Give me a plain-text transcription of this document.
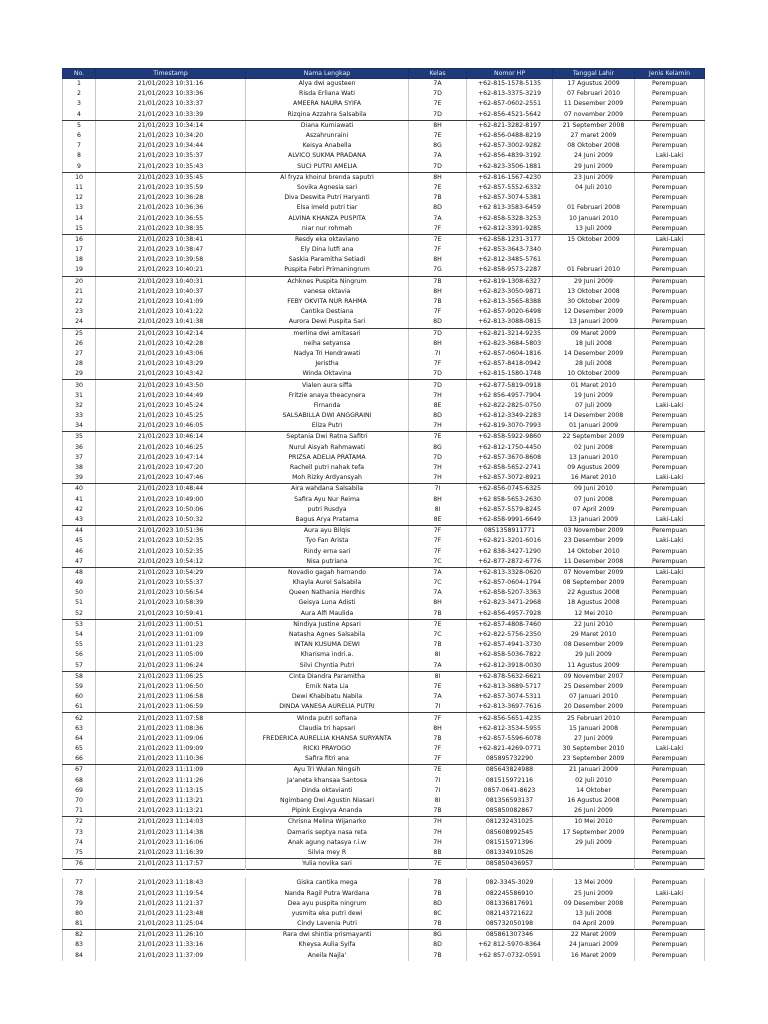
No.	Timestamp	Nama Lengkap	Kelas	Nomor HP	Tanggal Lahir	Jenis Kelamin
1	21/01/2023 10:31:16	Alya dwi agusteen	7A	+62-815-1578-5135	17 Agustus 2009	Perempuan
2	21/01/2023 10:33:36	Risda Erliana Wati	7D	+62-813-3375-3219	07 Februari 2010	Perempuan
3	21/01/2023 10:33:37	AMEERA NAURA SYIFA	7E	+62-857-0602-2551	11 Desember 2009	Perempuan
4	21/01/2023 10:33:39	Rizqina Azzahra Salsabila	7D	+62-856-4521-5642	07 november 2009	Perempuan
5	21/01/2023 10:34:14	Diana Kurniawati	8H	+62-821-3282-8197	21 September 2008	Perempuan
6	21/01/2023 10:34:20	Aszahrunraini	7E	+62-856-0488-8219	27 maret 2009	Perempuan
7	21/01/2023 10:34:44	Keisya Anabella	8G	+62-857-3002-9282	08 Oktober 2008	Perempuan
8	21/01/2023 10:35:37	ALVICO SUKMA PRADANA	7A	+62-856-4839-3192	24 Juni 2009	Laki-Laki
9	21/01/2023 10:35:43	SUCI PUTRI AMELIA	7D	+62-823-3506-1881	29 Juni 2009	Perempuan
10	21/01/2023 10:35:45	Al fryza khoirul brenda saputri	8H	+62-816-1567-4230	23 Juni 2009	Perempuan
11	21/01/2023 10:35:59	Sovika Agnesia sari	7E	+62-857-5552-6332	04 Juli 2010	Perempuan
12	21/01/2023 10:36:28	Diva Deswita Putri Haryanti	7B	+62-857-3074-5381		Perempuan
13	21/01/2023 10:36:36	Elsa imeld putri tiar	8D	+62 813-3583-6459	01 Februari 2008	Perempuan
14	21/01/2023 10:36:55	ALVINA KHANZA PUSPITA	7A	+62-858-5328-3253	10 Januari 2010	Perempuan
15	21/01/2023 10:38:35	niar nur rohmah	7F	+62-812-3391-9285	13 Juli 2009	Perempuan
16	21/01/2023 10:38:41	Resdy eka oktaviano	7E	+62-858-1231-3177	15 Oktober 2009	Laki-Laki
17	21/01/2023 10:38:47	Ely Dina lutfi ana	7F	+62-853-3643-7340		Perempuan
18	21/01/2023 10:39:58	Saskia Paramitha Setiadi	8H	+62-812-3485-5761		Perempuan
19	21/01/2023 10:40:21	Puspita Febri Primaningrum	7G	+62-858-9573-2287	01 Februari 2010	Perempuan
20	21/01/2023 10:40:31	Achknes Puspita Ningrum	7B	+62-819-1308-6327	29 Juni 2009	Perempuan
21	21/01/2023 10:40:37	vanesa oktavia	8H	+62-823-3050-9871	13 Oktober 2008	Perempuan
22	21/01/2023 10:41:09	FEBY OKVITA NUR RAHMA	7B	+62-813-3565-8388	30 Oktober 2009	Perempuan
23	21/01/2023 10:41:22	Cantika Destiana	7F	+62-857-9020-6498	12 Desember 2009	Perempuan
24	21/01/2023 10:41:38	Aurora Dewi Puspita Sari	8D	+62-813-3088-0815	13 Januari 2009	Perempuan
25	21/01/2023 10:42:14	merlina dwi amitasari	7D	+62-821-3214-9235	09 Maret 2009	Perempuan
26	21/01/2023 10:42:28	neiha setyansa	8H	+62-823-3684-5803	18 Juli 2008	Perempuan
27	21/01/2023 10:43:06	Nadya Tri Hendrawati	7I	+62-857-0604-1816	14 Desember 2009	Perempuan
28	21/01/2023 10:43:29	Jeristha	7F	+62-857-8418-0942	28 Juli 2008	Perempuan
29	21/01/2023 10:43:42	Winda Oktavina	7D	+62-815-1580-1748	10 Oktober 2009	Perempuan
30	21/01/2023 10:43:50	Vialen aura siffa	7D	+62-877-5819-0918	01 Maret 2010	Perempuan
31	21/01/2023 10:44:49	Fritzie anaya theacynera	7H	+62 856-4957-7904	19 Juni 2009	Perempuan
32	21/01/2023 10:45:24	Firnanda	8E	+62-822-2825-0750	07 Juli 2009	Laki-Laki
33	21/01/2023 10:45:25	SALSABILLA DWI ANGGRAINI	8D	+62-812-3349-2283	14 Desember 2008	Perempuan
34	21/01/2023 10:46:05	Eliza Putri	7H	+62-819-3070-7993	01 Januari 2009	Perempuan
35	21/01/2023 10:46:14	Septania Dwi Ratna Safitri	7E	+62-858-5922-9860	22 September 2009	Perempuan
36	21/01/2023 10:46:25	Nurul Aisyah Rahmawati	8G	+62-812-1750-4450	02 Juni 2008	Perempuan
37	21/01/2023 10:47:14	PRIZSA ADELIA PRATAMA	7D	+62-857-3670-8608	13 Januari 2010	Perempuan
38	21/01/2023 10:47:20	Rachell putri nahak tefa	7H	+62-858-5652-2741	09 Agustus 2009	Perempuan
39	21/01/2023 10:47:46	Moh Rizky Ardyansyah	7H	+62-857-3072-8921	16 Maret 2010	Laki-Laki
40	21/01/2023 10:48:44	Aira wahdana Salsabila	7I	+62-856-0745-6325	09 Juni 2010	Perempuan
41	21/01/2023 10:49:00	Safira Ayu Nur Reima	8H	+62 858-5653-2630	07 Juni 2008	Perempuan
42	21/01/2023 10:50:06	putri Rusdya	8I	+62-857-5579-8245	07 April 2009	Perempuan
43	21/01/2023 10:50:32	Bagus Arya Pratama	8E	+62-858-9991-6649	13 Januari 2009	Laki-Laki
44	21/01/2023 10:51:36	Aura ayu Bilqis	7F	0851358911771	03 November 2009	Perempuan
45	21/01/2023 10:52:35	Tyo Fan Arista	7F	+62-821-3201-6016	23 Desember 2009	Laki-Laki
46	21/01/2023 10:52:35	Rindy erna sari	7F	+62 838-3427-1290	14 Oktober 2010	Perempuan
47	21/01/2023 10:54:12	Nisa putriana	7C	+62-877-2872-6776	11 Desember 2008	Perempuan
48	21/01/2023 10:54:29	Novadio gagah harnando	7A	+62-813-3328-0620	07 November 2009	Laki-Laki
49	21/01/2023 10:55:37	Khayla Aurel Salsabila	7C	+62-857-0604-1794	08 September 2009	Perempuan
50	21/01/2023 10:56:54	Queen Nathania Herdhis	7A	+62-858-5207-3363	22 Agustus 2008	Perempuan
51	21/01/2023 10:58:39	Geisya Luna Adisti	8H	+62-823-3471-2968	18 Agustus 2008	Perempuan
52	21/01/2023 10:59:41	Aura Alfi Maulida	7B	+62-856-4957-7928	12 Mei 2010	Perempuan
53	21/01/2023 11:00:51	Nindiya Justine Apsari	7E	+62-857-4808-7460	22 Juni 2010	Perempuan
54	21/01/2023 11:01:09	Natasha Agnes Salsabila	7C	+62-822-5756-2350	29 Maret 2010	Perempuan
55	21/01/2023 11:01:23	INTAN KUSUMA DEWI	7B	+62-857-4941-3730	08 Desember 2009	Perempuan
56	21/01/2023 11:05:09	Kharisma indri.a.	8I	+62-858-5036-7822	29 Juli 2009	Perempuan
57	21/01/2023 11:06:24	Silvi Chyntia Putri	7A	+62-812-3918-0030	11 Agustus 2009	Perempuan
58	21/01/2023 11:06:25	Cinta Diandra Paramitha	8I	+62-878-5632-6621	09 November 2007	Perempuan
59	21/01/2023 11:06:50	Ernik Nata Lia	7E	+62-813-3689-5717	25 Desember 2009	Perempuan
60	21/01/2023 11:06:58	Dewi Khabibatu Nabila	7A	+62-857-3074-5311	07 Januari 2010	Perempuan
61	21/01/2023 11:06:59	DINDA VANESA AURELIA PUTRI	7I	+62-813-3697-7616	20 Desember 2009	Perempuan
62	21/01/2023 11:07:58	Winda putri sofiana	7F	+62-856-5651-4235	25 Februari 2010	Perempuan
63	21/01/2023 11:08:36	Claudia tri hapsari	8H	+62-812-3534-5955	15 Januari 2008	Perempuan
64	21/01/2023 11:09:06	FREDERICA AURELLIA KHANSA SURYANTA	7B	+62-857-5596-6078	27 Juni 2009	Perempuan
65	21/01/2023 11:09:09	RICKI PRAYOGO	7F	+62-821-4269-0771	30 September 2010	Laki-Laki
66	21/01/2023 11:10:36	Safira fitri ana	7F	085895732290	23 September 2009	Perempuan
67	21/01/2023 11:11:09	Ayu Tri Wulan Ningsih	7E	085643824988	21 Januari 2009	Perempuan
68	21/01/2023 11:11:26	Ja'aneta khansaa Santosa	7I	081515972116	02 Juli 2010	Perempuan
69	21/01/2023 11:13:15	Dinda oktavianti	7I	0857-0641-8623	14 Oktober	Perempuan
70	21/01/2023 11:13:21	Ngimbang Dwi Agustin Niasari	8I	081356593137	16 Agustus 2008	Perempuan
71	21/01/2023 11:13:21	Pipink Exgivya Ananda	7B	085850082867	26 Juni 2009	Perempuan
72	21/01/2023 11:14:03	Chrisna Melina Wijanarko	7H	081232431025	10 Mei 2010	Perempuan
73	21/01/2023 11:14:38	Damaris septya nasa reta	7H	085608992545	17 September 2009	Perempuan
74	21/01/2023 11:16:06	Anak agung natasya r.i.w	7H	081515971396	29 Juli 2009	Perempuan
75	21/01/2023 11:16:39	Silvia mey R	8B	081334910526		Perempuan
76	21/01/2023 11:17:57	Yulia novika sari	7E	085850436957		Perempuan

77	21/01/2023 11:18:43	Giska cantika mega	7B	082-3345-3029	13 Mei 2009	Perempuan
78	21/01/2023 11:19:54	Nanda Ragil Putra Wardana	7B	082245586910	25 Juni 2009	Laki-Laki
79	21/01/2023 11:21:37	Dea ayu puspita ningrum	8D	081336817691	09 Desember 2008	Perempuan
80	21/01/2023 11:23:48	yusmita eka putri dewi	8C	082143721622	13 Juli 2008	Perempuan
81	21/01/2023 11:25:04	Cindy Lavenia Putri	7B	085732050198	04 April 2009	Perempuan
82	21/01/2023 11:26:10	Rara dwi shintia prismayanti	8G	085861307346	22 Maret 2009	Perempuan
83	21/01/2023 11:33:16	Kheysa Aulia Syifa	8D	+62 812-5970-8364	24 Januari 2009	Perempuan
84	21/01/2023 11:37:09	Aneila Najla'	7B	+62 857-0732-0591	16 Maret 2009	Perempuan
